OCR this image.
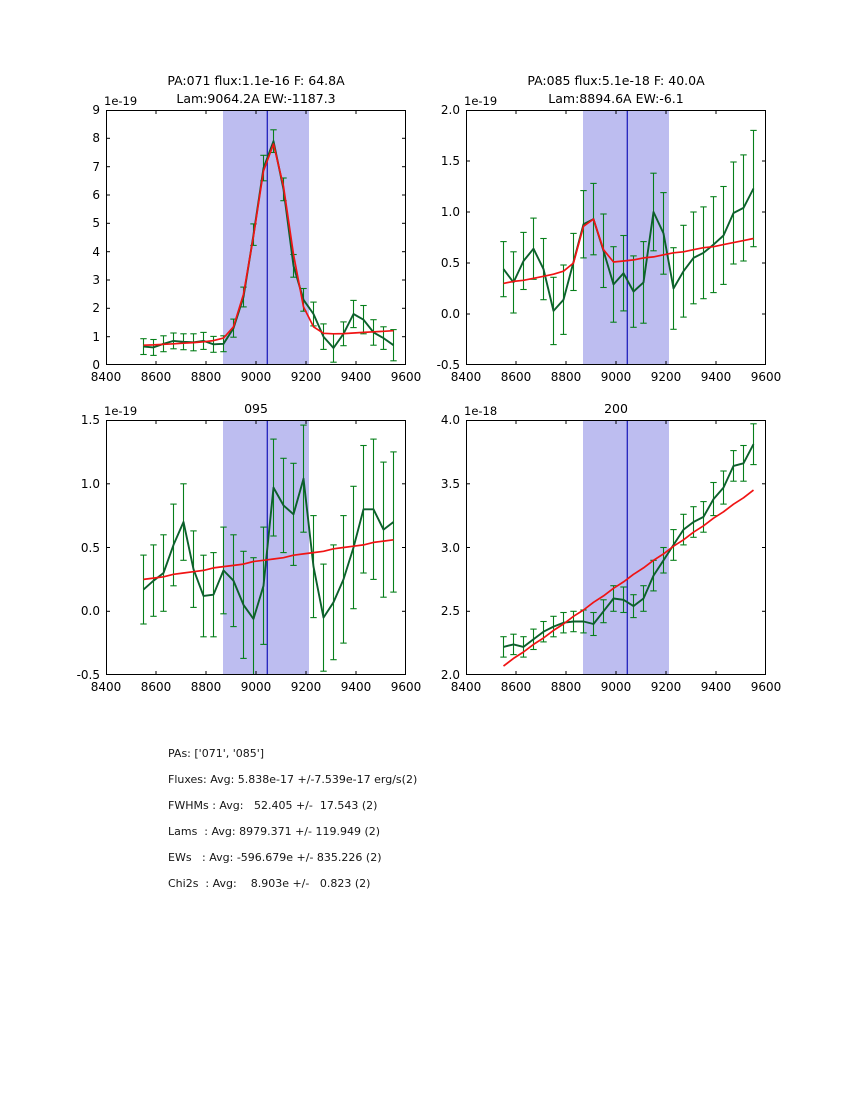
PAs: ['071', '085']
Fluxes: Avg: 5.838e-17 +/-7.539e-17 erg/s(2)
FWHMs : Avg:   52.405 +/-  17.543 (2)
Lams  : Avg: 8979.371 +/- 119.949 (2)
EWs   : Avg: -596.679e +/- 835.226 (2)
Chi2s  : Avg:    8.903e +/-   0.823 (2)
8400	8600	8800	9000	9200	9400	9600
0
1
2
3
4
5
6
7
8
9
1e-19
PA:071 flux:1.1e-16 F: 64.8A
Lam:9064.2A EW:-1187.3
8400	8600	8800	9000	9200	9400	9600
-0.5
0.0
0.5
1.0
1.5
2.0
1e-19
PA:085 flux:5.1e-18 F: 40.0A
Lam:8894.6A EW:-6.1
8400	8600	8800	9000	9200	9400	9600
-0.5
0.0
0.5
1.0
1.5
1e-19	095
8400	8600	8800	9000	9200	9400	9600
2.0
2.5
3.0
3.5
4.0
1e-18	200
